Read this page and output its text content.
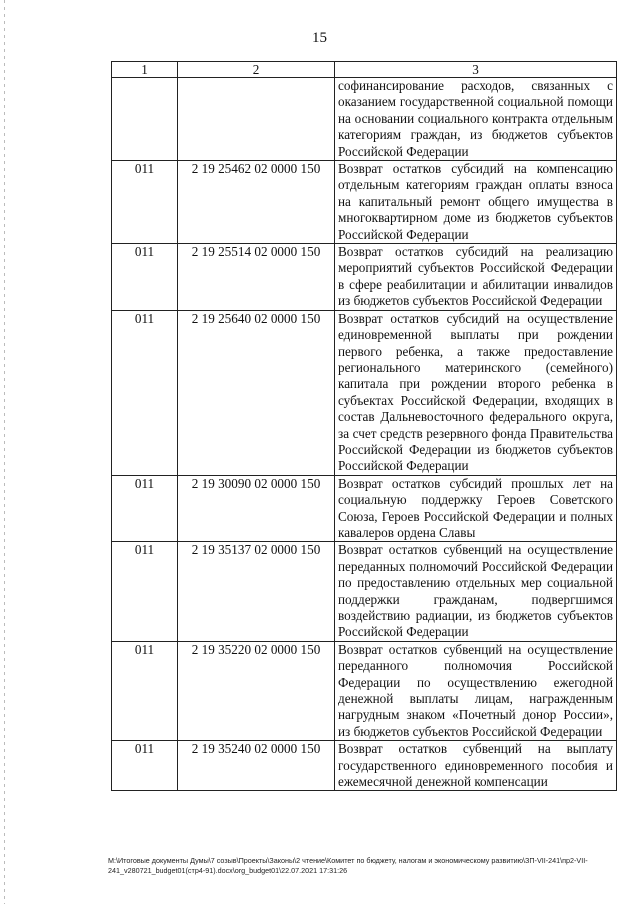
15
1	2	3
		софинансирование расходов, связанных с оказанием государственной социальной помощи на основании социального контракта отдельным категориям граждан, из бюджетов субъектов Российской Федерации
011	2 19 25462 02 0000 150	Возврат остатков субсидий на компенсацию отдельным категориям граждан оплаты взноса на капитальный ремонт общего имущества в многоквартирном доме из бюджетов субъектов Российской Федерации
011	2 19 25514 02 0000 150	Возврат остатков субсидий на реализацию мероприятий субъектов Российской Федерации в сфере реабилитации и абилитации инвалидов из бюджетов субъектов Российской Федерации
011	2 19 25640 02 0000 150	Возврат остатков субсидий на осуществление единовременной выплаты при рождении первого ребенка, а также предоставление регионального материнского (семейного) капитала при рождении второго ребенка в субъектах Российской Федерации, входящих в состав Дальневосточного федерального округа, за счет средств резервного фонда Правительства Российской Федерации из бюджетов субъектов Российской Федерации
011	2 19 30090 02 0000 150	Возврат остатков субсидий прошлых лет на социальную поддержку Героев Советского Союза, Героев Российской Федерации и полных кавалеров ордена Славы
011	2 19 35137 02 0000 150	Возврат остатков субвенций на осуществление переданных полномочий Российской Федерации по предоставлению отдельных мер социальной поддержки гражданам, подвергшимся воздействию радиации, из бюджетов субъектов Российской Федерации
011	2 19 35220 02 0000 150	Возврат остатков субвенций на осуществление переданного полномочия Российской Федерации по осуществлению ежегодной денежной выплаты лицам, награжденным нагрудным знаком «Почетный донор России», из бюджетов субъектов Российской Федерации
011	2 19 35240 02 0000 150	Возврат остатков субвенций на выплату государственного единовременного пособия и ежемесячной денежной компенсации
M:\Итоговые документы Думы\7 созыв\Проекты\Законы\2 чтение\Комитет по бюджету, налогам и экономическому развитию\ЗП-VII-241\пр2-VII-241_v280721_budget01(стр4-91).docx\org_budget01\22.07.2021 17:31:26
